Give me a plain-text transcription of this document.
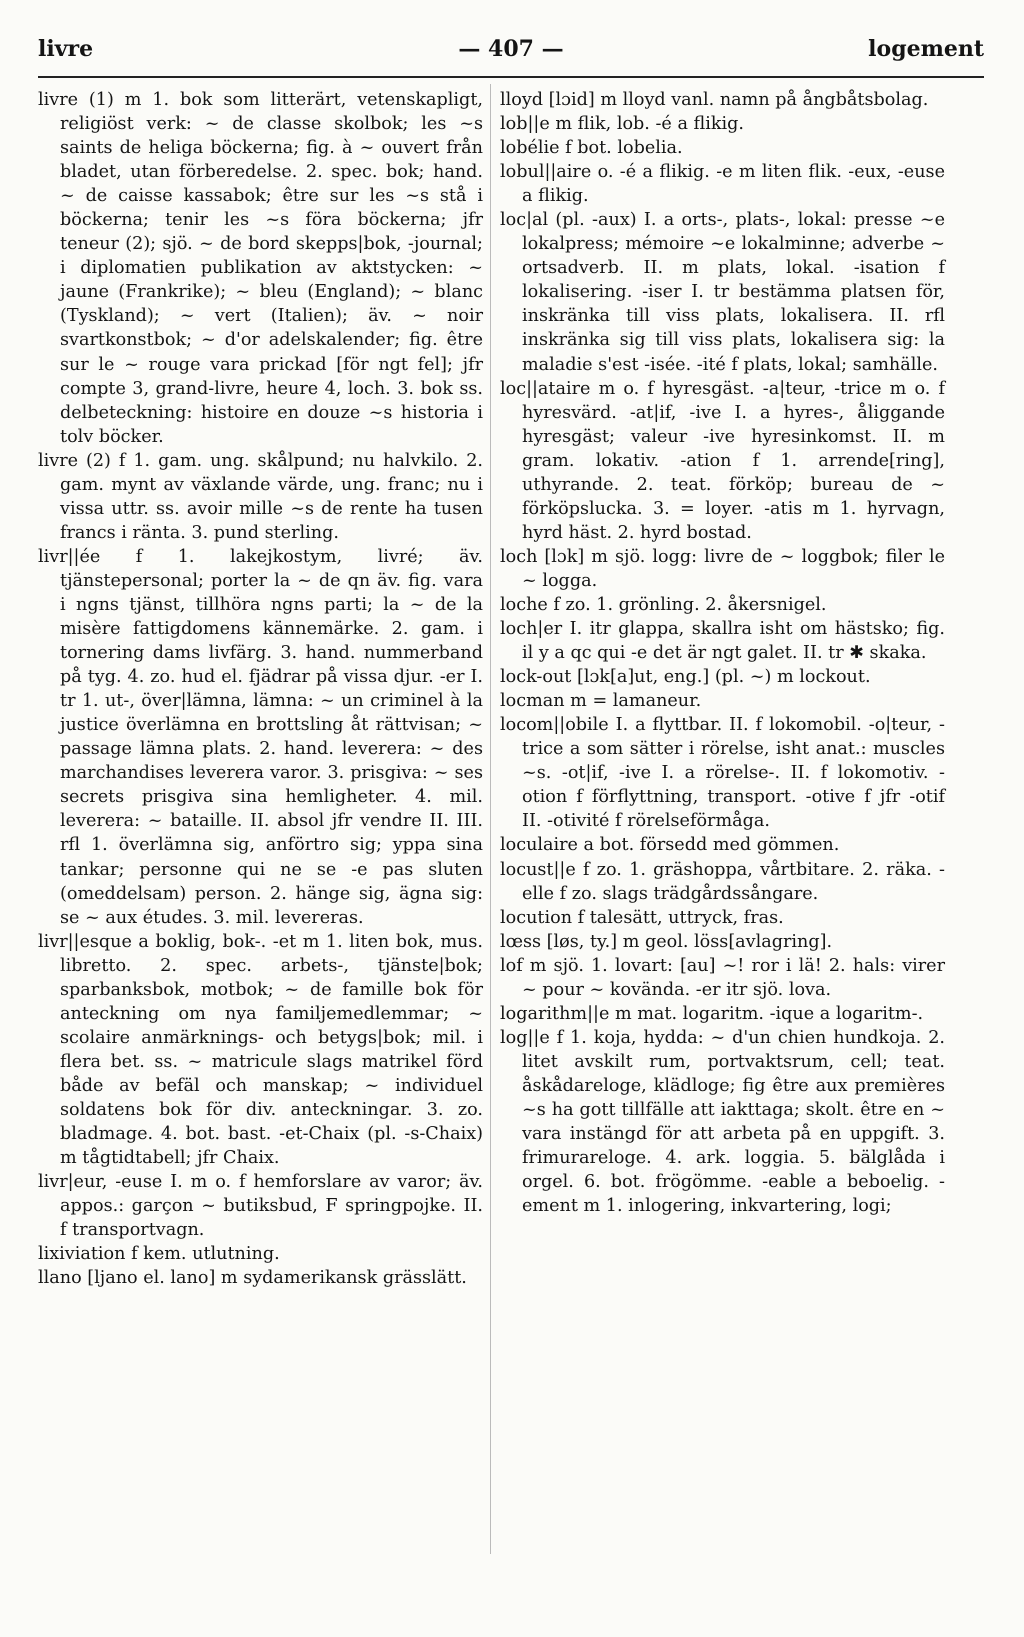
livre	— 407 —	logement

livre (1) m 1. bok som litterärt, vetenskapligt, religiöst verk: ~ de classe skolbok; les ~s saints de heliga böckerna; fig. à ~ ouvert från bladet, utan förberedelse. 2. spec. bok; hand. ~ de caisse kassabok; être sur les ~s stå i böckerna; tenir les ~s föra böckerna; jfr teneur (2); sjö. ~ de bord skepps|bok, -journal; i diplomatien publikation av aktstycken: ~ jaune (Frankrike); ~ bleu (England); ~ blanc (Tyskland); ~ vert (Italien); äv. ~ noir svartkonstbok; ~ d'or adelskalender; fig. être sur le ~ rouge vara prickad [för ngt fel]; jfr compte 3, grand-livre, heure 4, loch. 3. bok ss. delbeteckning: histoire en douze ~s historia i tolv böcker.

livre (2) f 1. gam. ung. skålpund; nu halvkilo. 2. gam. mynt av växlande värde, ung. franc; nu i vissa uttr. ss. avoir mille ~s de rente ha tusen francs i ränta. 3. pund sterling.

livr||ée f 1. lakejkostym, livré; äv. tjänstepersonal; porter la ~ de qn äv. fig. vara i ngns tjänst, tillhöra ngns parti; la ~ de la misère fattigdomens kännemärke. 2. gam. i tornering dams livfärg. 3. hand. nummerband på tyg. 4. zo. hud el. fjädrar på vissa djur. -er I. tr 1. ut-, över|lämna, lämna: ~ un criminel à la justice överlämna en brottsling åt rättvisan; ~ passage lämna plats. 2. hand. leverera: ~ des marchandises leverera varor. 3. prisgiva: ~ ses secrets prisgiva sina hemligheter. 4. mil. leverera: ~ bataille. II. absol jfr vendre II. III. rfl 1. överlämna sig, anförtro sig; yppa sina tankar; personne qui ne se -e pas sluten (omeddelsam) person. 2. hänge sig, ägna sig: se ~ aux études. 3. mil. levereras.

livr||esque a boklig, bok-. -et m 1. liten bok, mus. libretto. 2. spec. arbets-, tjänste|bok; sparbanksbok, motbok; ~ de famille bok för anteckning om nya familjemedlemmar; ~ scolaire anmärknings- och betygs|bok; mil. i flera bet. ss. ~ matricule slags matrikel förd både av befäl och manskap; ~ individuel soldatens bok för div. anteckningar. 3. zo. bladmage. 4. bot. bast. -et-Chaix (pl. -s-Chaix) m tågtidtabell; jfr Chaix.

livr|eur, -euse I. m o. f hemforslare av varor; äv. appos.: garçon ~ butiksbud, F springpojke. II. f transportvagn.

lixiviation f kem. utlutning.

llano [ljano el. lano] m sydamerikansk grässlätt.

lloyd [lɔid] m lloyd vanl. namn på ångbåtsbolag.

lob||e m flik, lob. -é a flikig.

lobélie f bot. lobelia.

lobul||aire o. -é a flikig. -e m liten flik. -eux, -euse a flikig.

loc|al (pl. -aux) I. a orts-, plats-, lokal: presse ~e lokalpress; mémoire ~e lokalminne; adverbe ~ ortsadverb. II. m plats, lokal. -isation f lokalisering. -iser I. tr bestämma platsen för, inskränka till viss plats, lokalisera. II. rfl inskränka sig till viss plats, lokalisera sig: la maladie s'est -isée. -ité f plats, lokal; samhälle.

loc||ataire m o. f hyresgäst. -a|teur, -trice m o. f hyresvärd. -at|if, -ive I. a hyres-, åliggande hyresgäst; valeur -ive hyresinkomst. II. m gram. lokativ. -ation f 1. arrende[ring], uthyrande. 2. teat. förköp; bureau de ~ förköpslucka. 3. = loyer. -atis m 1. hyrvagn, hyrd häst. 2. hyrd bostad.

loch [lɔk] m sjö. logg: livre de ~ loggbok; filer le ~ logga.

loche f zo. 1. grönling. 2. åkersnigel.

loch|er I. itr glappa, skallra isht om hästsko; fig. il y a qc qui -e det är ngt galet. II. tr ✱ skaka.

lock-out [lɔk[a]ut, eng.] (pl. ~) m lockout.

locman m = lamaneur.

locom||obile I. a flyttbar. II. f lokomobil. -o|teur, -trice a som sätter i rörelse, isht anat.: muscles ~s. -ot|if, -ive I. a rörelse-. II. f lokomotiv. -otion f förflyttning, transport. -otive f jfr -otif II. -otivité f rörelseförmåga.

loculaire a bot. försedd med gömmen.

locust||e f zo. 1. gräshoppa, vårtbitare. 2. räka. -elle f zo. slags trädgårdssångare.

locution f talesätt, uttryck, fras.

lœss [løs, ty.] m geol. löss[avlagring].

lof m sjö. 1. lovart: [au] ~! ror i lä! 2. hals: virer ~ pour ~ kovända. -er itr sjö. lova.

logarithm||e m mat. logaritm. -ique a logaritm-.

log||e f 1. koja, hydda: ~ d'un chien hundkoja. 2. litet avskilt rum, portvaktsrum, cell; teat. åskådareloge, klädloge; fig être aux premières ~s ha gott tillfälle att iakttaga; skolt. être en ~ vara instängd för att arbeta på en uppgift. 3. frimurareloge. 4. ark. loggia. 5. bälglåda i orgel. 6. bot. frögömme. -eable a beboelig. -ement m 1. inlogering, inkvartering, logi;
